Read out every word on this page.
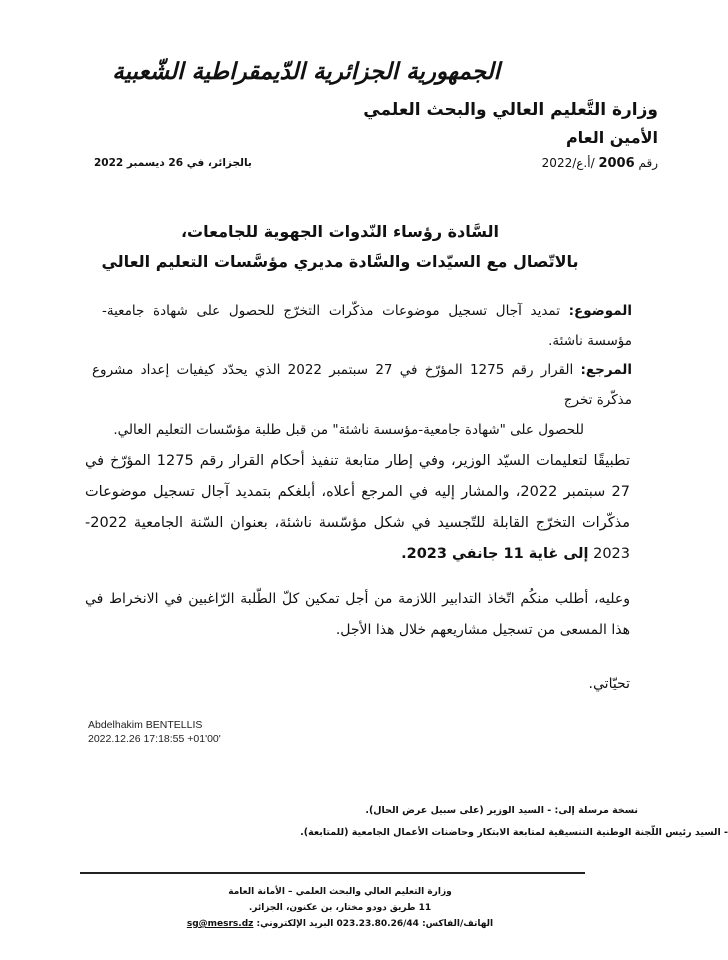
الجمهورية الجزائرية الدّيمقراطية الشّعبية
وزارة التَّعليم العالي والبحث العلمي
الأمين العام
رقم 2006 /أ.ع/2022
بالجزائر، في 26 ديسمبر 2022
السَّادة رؤساء النّدوات الجهوية للجامعات،
بالاتّصال مع السيّدات والسَّادة مديري مؤسَّسات التعليم العالي
الموضوع: تمديد آجال تسجيل موضوعات مذكّرات التخرّج للحصول على شهادة جامعية-مؤسسة ناشئة.
المرجع: القرار رقم 1275 المؤرّخ في 27 سبتمبر 2022 الذي يحدّد كيفيات إعداد مشروع مذكّرة تخرج
للحصول على "شهادة جامعية-مؤسسة ناشئة" من قبل طلبة مؤسّسات التعليم العالي.
تطبيقًا لتعليمات السيّد الوزير، وفي إطار متابعة تنفيذ أحكام القرار رقم 1275 المؤرّخ في 27 سبتمبر 2022، والمشار إليه في المرجع أعلاه، أبلغكم بتمديد آجال تسجيل موضوعات مذكّرات التخرّج القابلة للتّجسيد في شكل مؤسّسة ناشئة، بعنوان السّنة الجامعية 2022-2023 إلى غاية 11 جانفي 2023.
وعليه، أطلب منكُم اتّخاذ التدابير اللازمة من أجل تمكين كلّ الطّلبة الرّاغبين في الانخراط في هذا المسعى من تسجيل مشاريعهم خلال هذا الأجل.
تحيّاتي.
Abdelhakim BENTELLIS
2022.12.26 17:18:55 +01'00'
نسخة مرسلة إلى: - السيد الوزير (على سبيل عرض الحال).
- السيد رئيس اللّجنة الوطنية التنسيقية لمتابعة الابتكار وحاضنات الأعمال الجامعية (للمتابعة).
وزارة التعليم العالي والبحث العلمي – الأمانة العامة
11 طريق دودو مختار، بن عكنون، الجزائر.
الهاتف/الفاكس: 023.23.80.26/44 البريد الإلكتروني: sg@mesrs.dz
